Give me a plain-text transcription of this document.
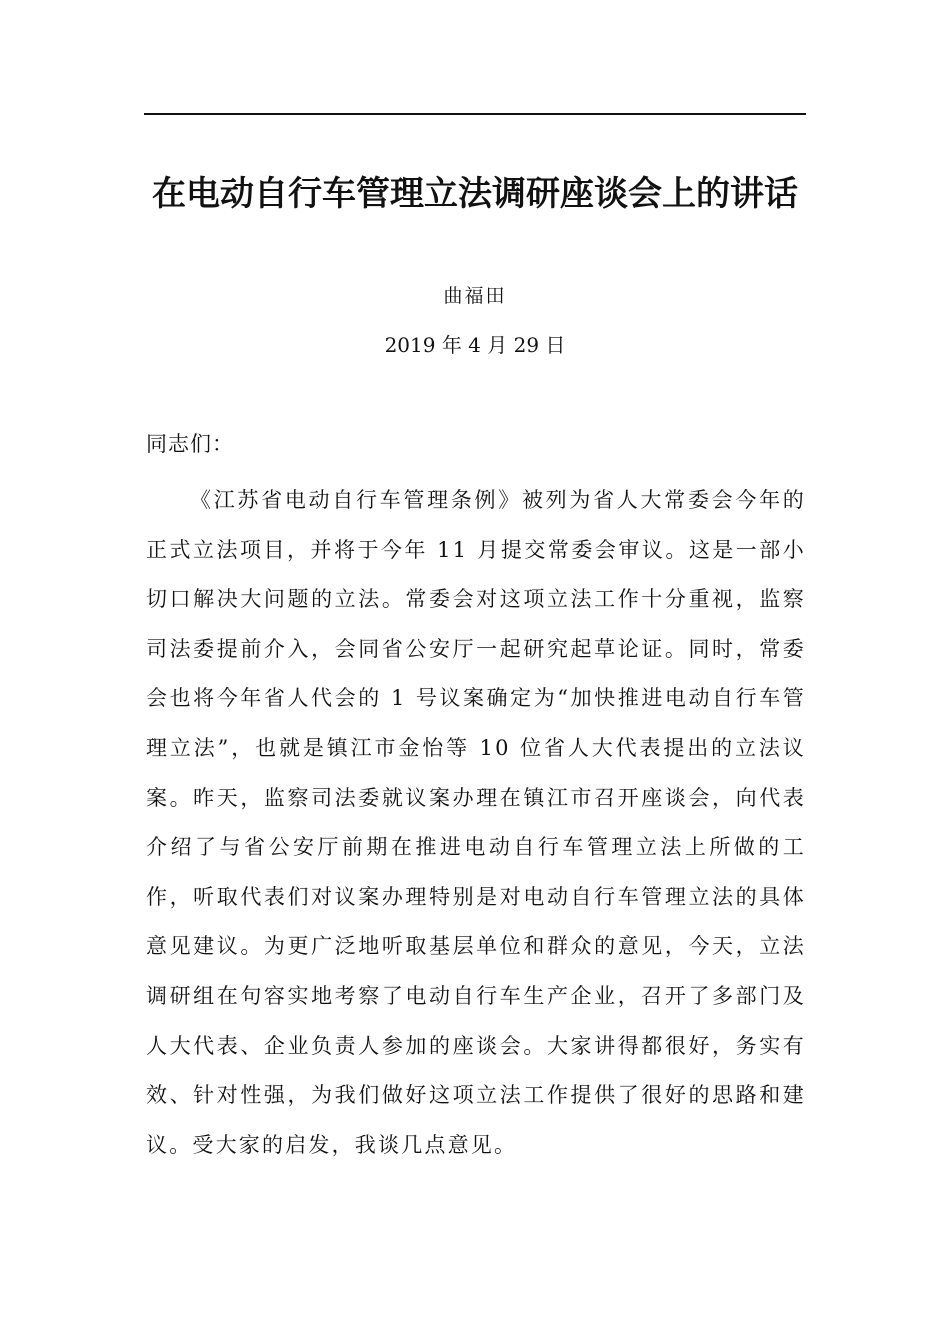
在电动自行车管理立法调研座谈会上的讲话
曲福田
2019 年 4 月 29 日
同志们：

《江苏省电动自行车管理条例》被列为省人大常委会今年的正式立法项目，并将于今年 11 月提交常委会审议。这是一部小切口解决大问题的立法。常委会对这项立法工作十分重视，监察司法委提前介入，会同省公安厅一起研究起草论证。同时，常委会也将今年省人代会的 1 号议案确定为“加快推进电动自行车管理立法”，也就是镇江市金怡等 10 位省人大代表提出的立法议案。昨天，监察司法委就议案办理在镇江市召开座谈会，向代表介绍了与省公安厅前期在推进电动自行车管理立法上所做的工作，听取代表们对议案办理特别是对电动自行车管理立法的具体意见建议。为更广泛地听取基层单位和群众的意见，今天，立法调研组在句容实地考察了电动自行车生产企业，召开了多部门及人大代表、企业负责人参加的座谈会。大家讲得都很好，务实有效、针对性强，为我们做好这项立法工作提供了很好的思路和建议。受大家的启发，我谈几点意见。
